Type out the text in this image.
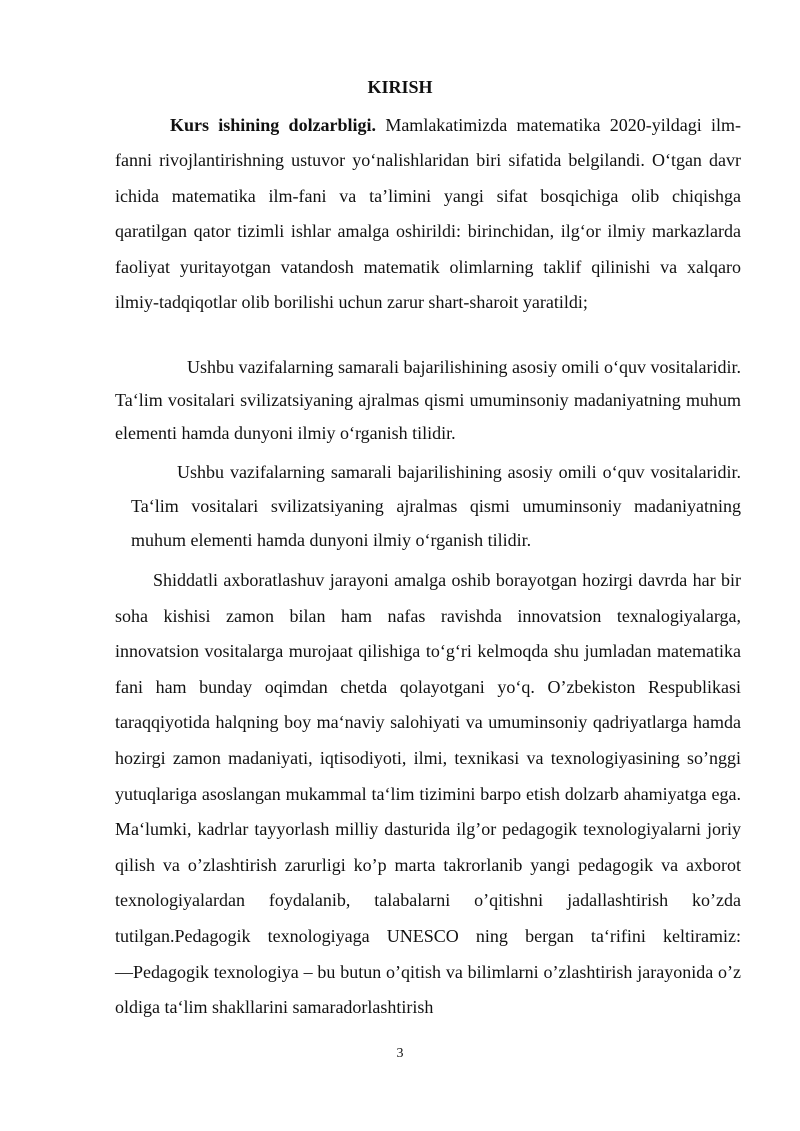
KIRISH

Kurs ishining dolzarbligi. Mamlakatimizda matematika 2020-yildagi ilm-fanni rivojlantirishning ustuvor yo‘nalishlaridan biri sifatida belgilandi. O‘tgan davr ichida matematika ilm-fani va ta’limini yangi sifat bosqichiga olib chiqishga qaratilgan qator tizimli ishlar amalga oshirildi: birinchidan, ilg‘or ilmiy markazlarda faoliyat yuritayotgan vatandosh matematik olimlarning taklif qilinishi va xalqaro ilmiy-tadqiqotlar olib borilishi uchun zarur shart-sharoit yaratildi;

Ushbu vazifalarning samarali bajarilishining asosiy omili o‘quv vositalaridir. Ta‘lim vositalari svilizatsiyaning ajralmas qismi umuminsoniy madaniyatning muhum elementi hamda dunyoni ilmiy o‘rganish tilidir.

Ushbu vazifalarning samarali bajarilishining asosiy omili o‘quv vositalaridir. Ta‘lim vositalari svilizatsiyaning ajralmas qismi umuminsoniy madaniyatning muhum elementi hamda dunyoni ilmiy o‘rganish tilidir.

Shiddatli axboratlashuv jarayoni amalga oshib borayotgan hozirgi davrda har bir soha kishisi zamon bilan ham nafas ravishda innovatsion texnalogiyalarga, innovatsion vositalarga murojaat qilishiga to‘g‘ri kelmoqda shu jumladan matematika fani ham bunday oqimdan chetda qolayotgani yo‘q. O’zbekiston Respublikasi taraqqiyotida halqning boy ma‘naviy salohiyati va umuminsoniy qadriyatlarga hamda hozirgi zamon madaniyati, iqtisodiyoti, ilmi, texnikasi va texnologiyasining so’nggi yutuqlariga asoslangan mukammal ta‘lim tizimini barpo etish dolzarb ahamiyatga ega. Ma‘lumki, kadrlar tayyorlash milliy dasturida ilg’or pedagogik texnologiyalarni joriy qilish va o’zlashtirish zarurligi ko’p marta takrorlanib yangi pedagogik va axborot texnologiyalardan foydalanib, talabalarni o’qitishni jadallashtirish ko’zda tutilgan.Pedagogik texnologiyaga UNESCO ning bergan ta‘rifini keltiramiz: ―Pedagogik texnologiya – bu butun o’qitish va bilimlarni o’zlashtirish jarayonida o’z oldiga ta‘lim shakllarini samaradorlashtirish

3
